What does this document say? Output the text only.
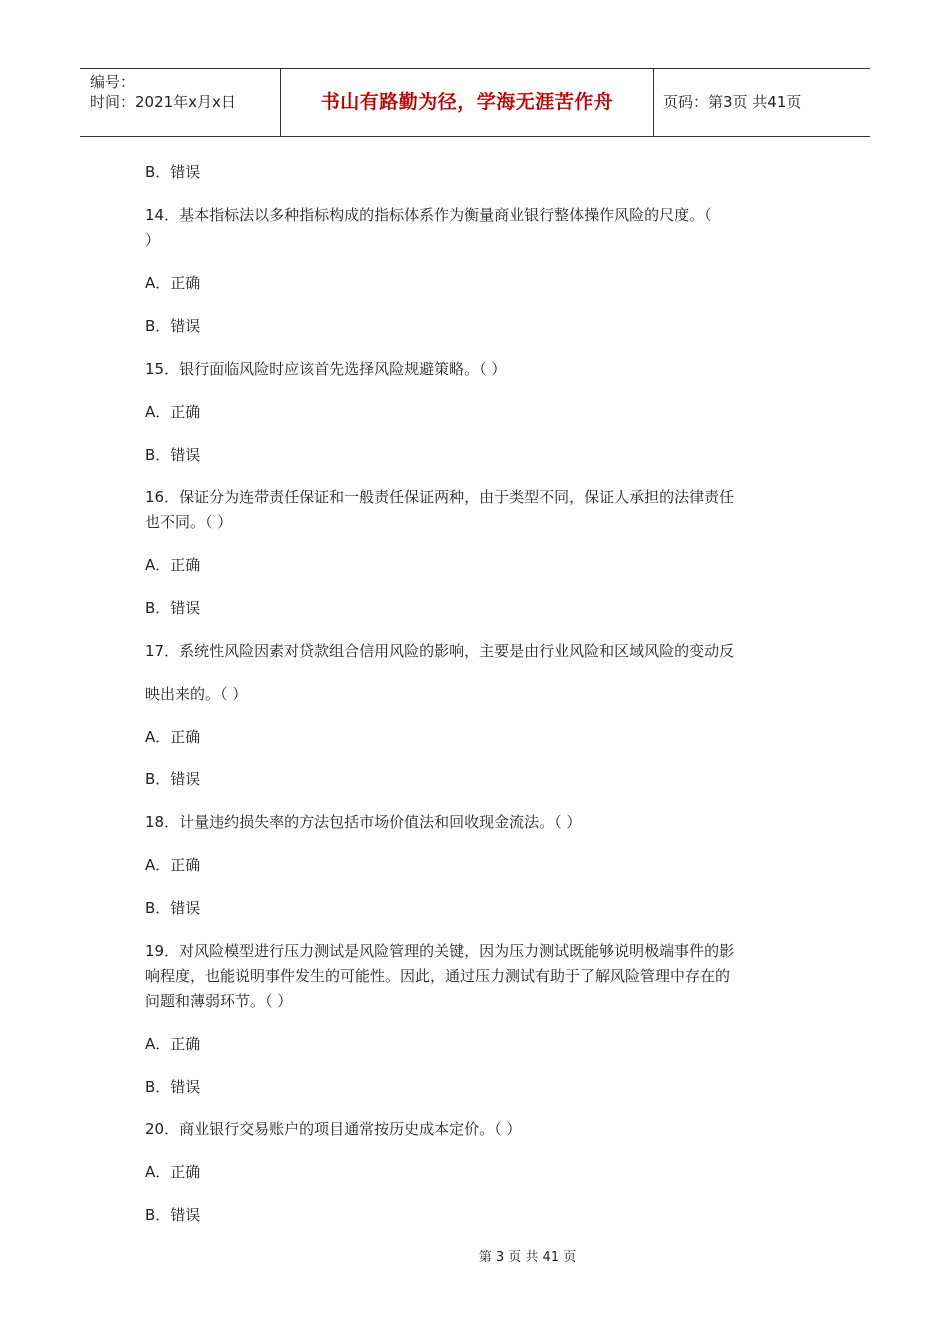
编号：
时间：2021年x月x日	书山有路勤为径，学海无涯苦作舟	页码：第3页 共41页
B．错误
14．基本指标法以多种指标构成的指标体系作为衡量商业银行整体操作风险的尺度。（
）
A．正确
B．错误
15．银行面临风险时应该首先选择风险规避策略。（ ）
A．正确
B．错误
16．保证分为连带责任保证和一般责任保证两种，由于类型不同，保证人承担的法律责任
也不同。（ ）
A．正确
B．错误
17．系统性风险因素对贷款组合信用风险的影响，主要是由行业风险和区域风险的变动反
映出来的。（ ）
A．正确
B．错误
18．计量违约损失率的方法包括市场价值法和回收现金流法。（ ）
A．正确
B．错误
19．对风险模型进行压力测试是风险管理的关键，因为压力测试既能够说明极端事件的影
响程度，也能说明事件发生的可能性。因此，通过压力测试有助于了解风险管理中存在的
问题和薄弱环节。（ ）
A．正确
B．错误
20．商业银行交易账户的项目通常按历史成本定价。（ ）
A．正确
B．错误
第 3 页 共 41 页
